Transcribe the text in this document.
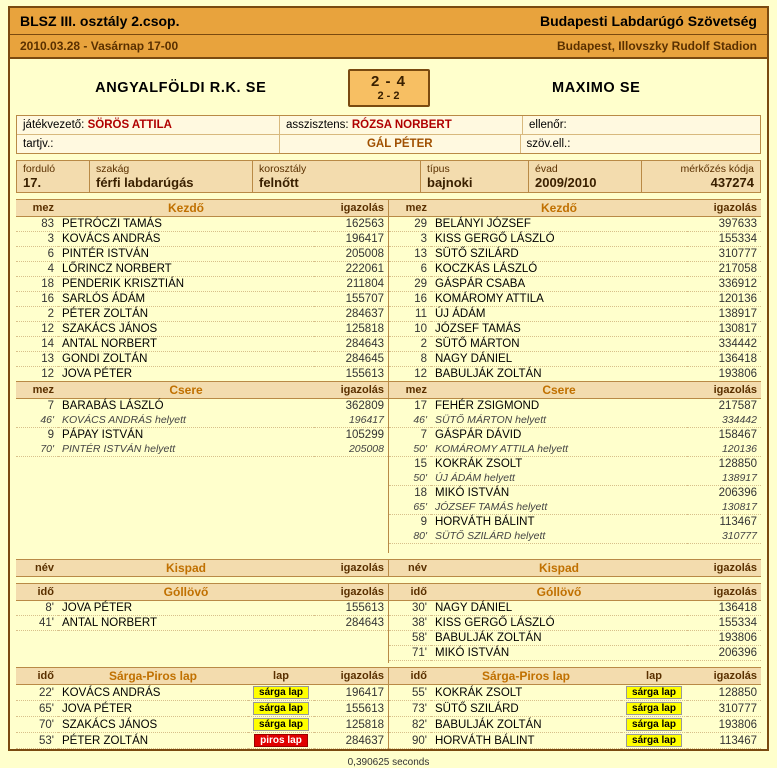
BLSZ III. osztály 2.csop.	Budapesti Labdarúgó Szövetség
2010.03.28 - Vasárnap 17-00	Budapest, Illovszky Rudolf Stadion
ANGYALFÖLDI R.K. SE	2 - 4
2 - 2	MAXIMO SE
játékvezető: SÖRÖS ATTILA	asszisztens: RÓZSA NORBERT	ellenőr:
tartjv.:	GÁL PÉTER	szöv.ell.:
forduló
17.
szakág
férfi labdarúgás
korosztály
felnőtt
típus
bajnoki
évad
2009/2010
mérkőzés kódja
437274
mez	Kezdő	igazolás
83	PETRÓCZI TAMÁS	162563
3	KOVÁCS ANDRÁS	196417
6	PINTÉR ISTVÁN	205008
4	LŐRINCZ NORBERT	222061
18	PENDERIK KRISZTIÁN	211804
16	SARLÓS ÁDÁM	155707
2	PÉTER ZOLTÁN	284637
12	SZAKÁCS JÁNOS	125818
14	ANTAL NORBERT	284643
13	GONDI ZOLTÁN	284645
12	JOVA PÉTER	155613
mez	Csere	igazolás
7	BARABÁS LÁSZLÓ	362809
46'	KOVÁCS ANDRÁS helyett	196417
9	PÁPAY ISTVÁN	105299
70'	PINTÉR ISTVÁN helyett	205008

mez	Kezdő	igazolás
29	BELÁNYI JÓZSEF	397633
3	KISS GERGŐ LÁSZLÓ	155334
13	SÜTŐ SZILÁRD	310777
6	KOCZKÁS LÁSZLÓ	217058
29	GÁSPÁR CSABA	336912
16	KOMÁROMY ATTILA	120136
11	ÚJ ÁDÁM	138917
10	JÓZSEF TAMÁS	130817
2	SÜTŐ MÁRTON	334442
8	NAGY DÁNIEL	136418
12	BABULJÁK ZOLTÁN	193806
mez	Csere	igazolás
17	FEHÉR ZSIGMOND	217587
46'	SÜTŐ MÁRTON helyett	334442
7	GÁSPÁR DÁVID	158467
50'	KOMÁROMY ATTILA helyett	120136
15	KOKRÁK ZSOLT	128850
50'	ÚJ ÁDÁM helyett	138917
18	MIKÓ ISTVÁN	206396
65'	JÓZSEF TAMÁS helyett	130817
9	HORVÁTH BÁLINT	113467
80'	SÜTŐ SZILÁRD helyett	310777
név	Kispad	igazolás név	Kispad	igazolás
idő	Góllövő	igazolás
8'	JOVA PÉTER	155613
41'	ANTAL NORBERT	284643

idő	Góllövő	igazolás
30'	NAGY DÁNIEL	136418
38'	KISS GERGŐ LÁSZLÓ	155334
58'	BABULJÁK ZOLTÁN	193806
71'	MIKÓ ISTVÁN	206396
idő	Sárga-Piros lap	lap	igazolás
22'	KOVÁCS ANDRÁS	sárga lap	196417
65'	JOVA PÉTER	sárga lap	155613
70'	SZAKÁCS JÁNOS	sárga lap	125818
53'	PÉTER ZOLTÁN	piros lap	284637
idő	Sárga-Piros lap	lap	igazolás
55'	KOKRÁK ZSOLT	sárga lap	128850
73'	SÜTŐ SZILÁRD	sárga lap	310777
82'	BABULJÁK ZOLTÁN	sárga lap	193806
90'	HORVÁTH BÁLINT	sárga lap	113467
0,390625 seconds
